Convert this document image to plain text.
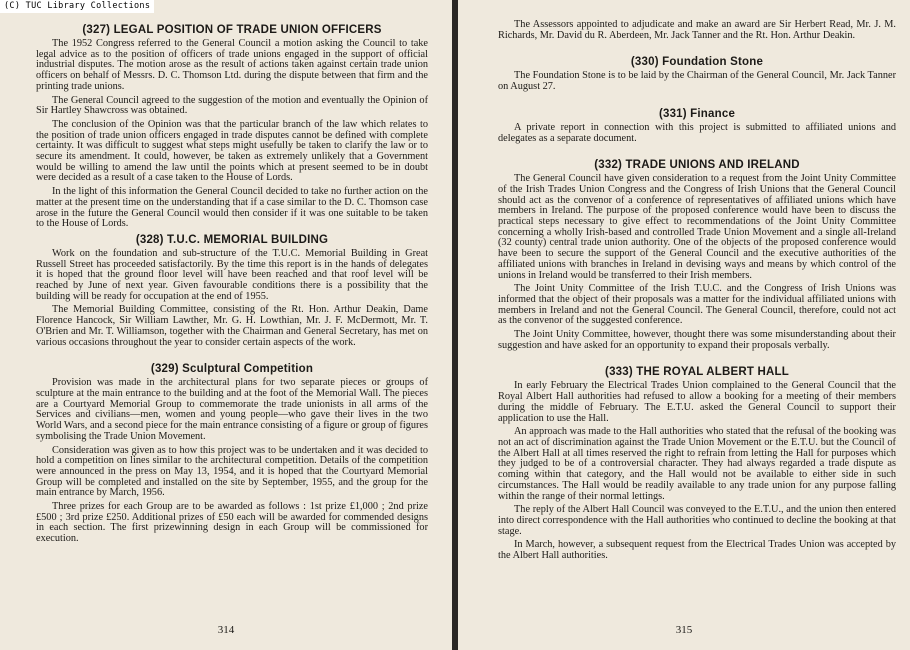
(C) TUC Library Collections
(327) LEGAL POSITION OF TRADE UNION OFFICERS

The 1952 Congress referred to the General Council a motion asking the Council to take legal advice as to the position of officers of trade unions engaged in the support of official industrial disputes. The motion arose as the result of actions taken against certain trade union officers on behalf of Messrs. D. C. Thomson Ltd. during the dispute between that firm and the printing trade unions.

The General Council agreed to the suggestion of the motion and eventually the Opinion of Sir Hartley Shawcross was obtained.

The conclusion of the Opinion was that the particular branch of the law which relates to the position of trade union officers engaged in trade disputes cannot be defined with complete certainty. It was difficult to suggest what steps might usefully be taken to clarify the law or to secure its amendment. It could, however, be taken as extremely unlikely that a Government would be willing to amend the law until the points which at present seemed to be in doubt were decided as a result of a case taken to the House of Lords.

In the light of this information the General Council decided to take no further action on the matter at the present time on the understanding that if a case similar to the D. C. Thomson case arose in the future the General Council would then consider if it was one suitable to be taken to the House of Lords.

(328) T.U.C. MEMORIAL BUILDING

Work on the foundation and sub-structure of the T.U.C. Memorial Building in Great Russell Street has proceeded satisfactorily. By the time this report is in the hands of delegates it is hoped that the ground floor level will have been reached and that roof level will be reached by June of next year. Given favourable conditions there is a possibility that the building will be ready for occupation at the end of 1955.

The Memorial Building Committee, consisting of the Rt. Hon. Arthur Deakin, Dame Florence Hancock, Sir William Lawther, Mr. G. H. Lowthian, Mr. J. F. McDermott, Mr. T. O'Brien and Mr. T. Williamson, together with the Chairman and General Secretary, has met on various occasions throughout the year to consider certain aspects of the work.

(329) Sculptural Competition

Provision was made in the architectural plans for two separate pieces or groups of sculpture at the main entrance to the building and at the foot of the Memorial Wall. The pieces are a Courtyard Memorial Group to commemorate the trade unionists in all arms of the Services and civilians—men, women and young people—who gave their lives in the two World Wars, and a second piece for the main entrance consisting of a figure or group of figures symbolising the Trade Union Movement.

Consideration was given as to how this project was to be undertaken and it was decided to hold a competition on lines similar to the architectural competition. Details of the competition were announced in the press on May 13, 1954, and it is hoped that the Courtyard Memorial Group will be completed and installed on the site by September, 1955, and the group for the main entrance by March, 1956.

Three prizes for each Group are to be awarded as follows : 1st prize £1,000 ; 2nd prize £500 ; 3rd prize £250. Additional prizes of £50 each will be awarded for commended designs in each section. The first prizewinning design in each Group will be commissioned for execution.

314

The Assessors appointed to adjudicate and make an award are Sir Herbert Read, Mr. J. M. Richards, Mr. David du R. Aberdeen, Mr. Jack Tanner and the Rt. Hon. Arthur Deakin.

(330) Foundation Stone

The Foundation Stone is to be laid by the Chairman of the General Council, Mr. Jack Tanner on August 27.

(331) Finance

A private report in connection with this project is submitted to affiliated unions and delegates as a separate document.

(332) TRADE UNIONS AND IRELAND

The General Council have given consideration to a request from the Joint Unity Committee of the Irish Trades Union Congress and the Congress of Irish Unions that the General Council should act as the convenor of a conference of representatives of affiliated unions which have members in Ireland. The purpose of the proposed conference would have been to discuss the practical steps necessary to give effect to recommendations of the Joint Unity Committee concerning a wholly Irish-based and controlled Trade Union Movement and a single all-Ireland (32 county) central trade union authority. One of the objects of the proposed conference would have been to secure the support of the General Council and the executive authorities of the affiliated unions with branches in Ireland in devising ways and means by which control of the unions in Ireland would be transferred to their Irish members.

The Joint Unity Committee of the Irish T.U.C. and the Congress of Irish Unions was informed that the object of their proposals was a matter for the individual affiliated unions with members in Ireland and not the General Council. The General Council, therefore, could not act as the convenor of the suggested conference.

The Joint Unity Committee, however, thought there was some misunderstanding about their suggestion and have asked for an opportunity to expand their proposals verbally.

(333) THE ROYAL ALBERT HALL

In early February the Electrical Trades Union complained to the General Council that the Royal Albert Hall authorities had refused to allow a booking for a meeting of their members during the middle of February. The E.T.U. asked the General Council to support their application to use the Hall.

An approach was made to the Hall authorities who stated that the refusal of the booking was not an act of discrimination against the Trade Union Movement or the E.T.U. but the Council of the Albert Hall at all times reserved the right to refrain from letting the Hall for purposes which they judged to be of a controversial character. They had always regarded a trade dispute as coming within that category, and the Hall would not be available to either side in such circumstances. The Hall would be readily available to any trade union for any purpose falling within the range of their normal lettings.

The reply of the Albert Hall Council was conveyed to the E.T.U., and the union then entered into direct correspondence with the Hall authorities who continued to decline the booking at that stage.

In March, however, a subsequent request from the Electrical Trades Union was accepted by the Albert Hall authorities.

315
